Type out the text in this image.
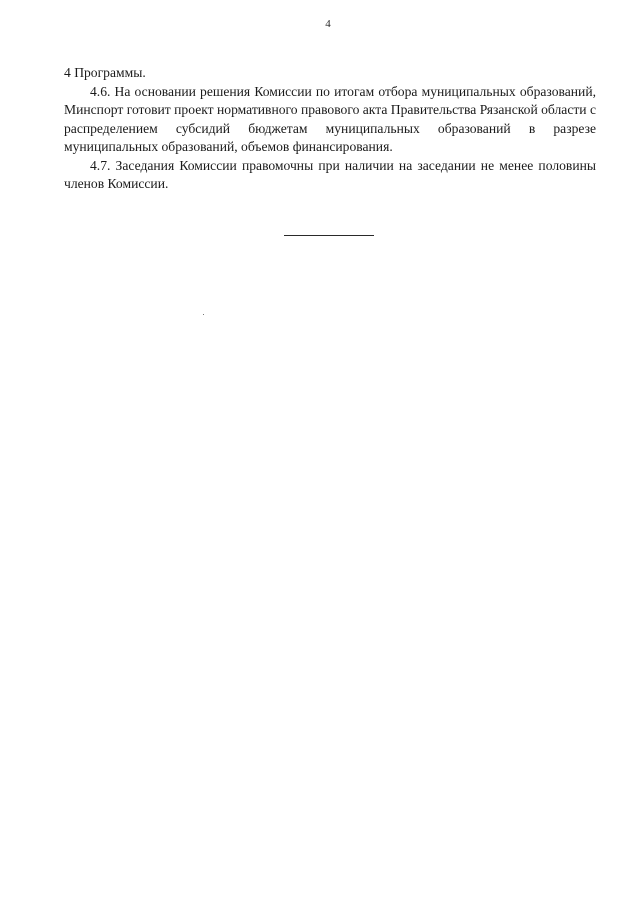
4

4 Программы.

4.6. На основании решения Комиссии по итогам отбора муниципальных образований, Минспорт готовит проект нормативного правового акта Правительства Рязанской области с распределением субсидий бюджетам муниципальных образований в разрезе муниципальных образований, объемов финансирования.

4.7. Заседания Комиссии правомочны при наличии на заседании не менее половины членов Комиссии.
